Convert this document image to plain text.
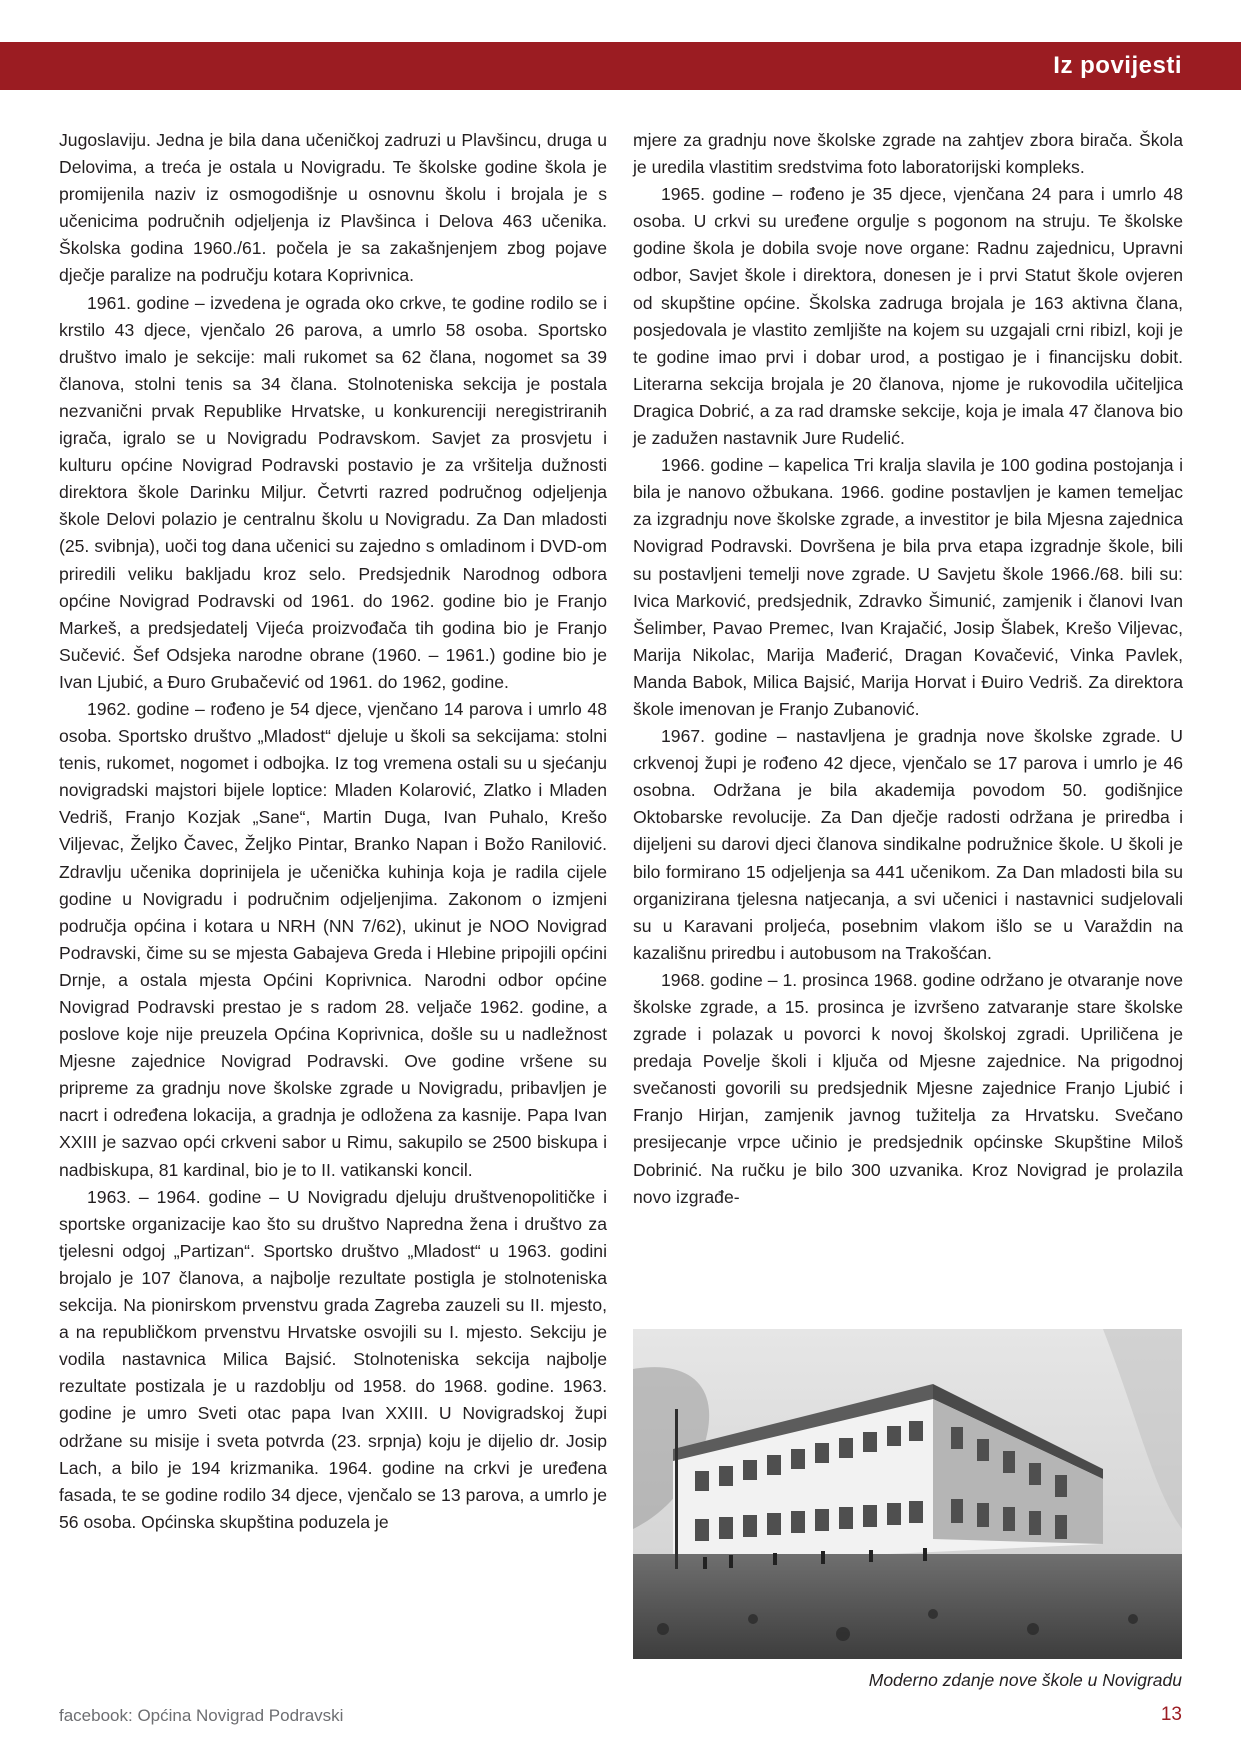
Iz povijesti

Jugoslaviju. Jedna je bila dana učeničkoj zadruzi u Plavšincu, druga u Delovima, a treća je ostala u Novigradu. Te školske godine škola je promijenila naziv iz osmogodišnje u osnovnu školu i brojala je s učenicima područnih odjeljenja iz Plavšinca i Delova 463 učenika. Školska godina 1960./61. počela je sa zakašnjenjem zbog pojave dječje paralize na području kotara Koprivnica.

1961. godine – izvedena je ograda oko crkve, te godine rodilo se i krstilo 43 djece, vjenčalo 26 parova, a umrlo 58 osoba. Sportsko društvo imalo je sekcije: mali rukomet sa 62 člana, nogomet sa 39 članova, stolni tenis sa 34 člana. Stolnoteniska sekcija je postala nezvanični prvak Republike Hrvatske, u konkurenciji neregistriranih igrača, igralo se u Novigradu Podravskom. Savjet za prosvjetu i kulturu općine Novigrad Podravski postavio je za vršitelja dužnosti direktora škole Darinku Miljur. Četvrti razred područnog odjeljenja škole Delovi polazio je centralnu školu u Novigradu. Za Dan mladosti (25. svibnja), uoči tog dana učenici su zajedno s omladinom i DVD-om priredili veliku bakljadu kroz selo. Predsjednik Narodnog odbora općine Novigrad Podravski od 1961. do 1962. godine bio je Franjo Markeš, a predsjedatelj Vijeća proizvođača tih godina bio je Franjo Sučević. Šef Odsjeka narodne obrane (1960. – 1961.) godine bio je Ivan Ljubić, a Đuro Grubačević od 1961. do 1962, godine.

1962. godine – rođeno je 54 djece, vjenčano 14 parova i umrlo 48 osoba. Sportsko društvo „Mladost“ djeluje u školi sa sekcijama: stolni tenis, rukomet, nogomet i odbojka. Iz tog vremena ostali su u sjećanju novigradski majstori bijele loptice: Mladen Kolarović, Zlatko i Mladen Vedriš, Franjo Kozjak „Sane“, Martin Duga, Ivan Puhalo, Krešo Viljevac, Željko Čavec, Željko Pintar, Branko Napan i Božo Ranilović. Zdravlju učenika doprinijela je učenička kuhinja koja je radila cijele godine u Novigradu i područnim odjeljenjima. Zakonom o izmjeni područja općina i kotara u NRH (NN 7/62), ukinut je NOO Novigrad Podravski, čime su se mjesta Gabajeva Greda i Hlebine pripojili općini Drnje, a ostala mjesta Općini Koprivnica. Narodni odbor općine Novigrad Podravski prestao je s radom 28. veljače 1962. godine, a poslove koje nije preuzela Općina Koprivnica, došle su u nadležnost Mjesne zajednice Novigrad Podravski. Ove godine vršene su pripreme za gradnju nove školske zgrade u Novigradu, pribavljen je nacrt i određena lokacija, a gradnja je odložena za kasnije. Papa Ivan XXIII je sazvao opći crkveni sabor u Rimu, sakupilo se 2500 biskupa i nadbiskupa, 81 kardinal, bio je to II. vatikanski koncil.

1963. – 1964. godine – U Novigradu djeluju društvenopolitičke i sportske organizacije kao što su društvo Napredna žena i društvo za tjelesni odgoj „Partizan“. Sportsko društvo „Mladost“ u 1963. godini brojalo je 107 članova, a najbolje rezultate postigla je stolnoteniska sekcija. Na pionirskom prvenstvu grada Zagreba zauzeli su II. mjesto, a na republičkom prvenstvu Hrvatske osvojili su I. mjesto. Sekciju je vodila nastavnica Milica Bajsić. Stolnoteniska sekcija najbolje rezultate postizala je u razdoblju od 1958. do 1968. godine. 1963. godine je umro Sveti otac papa Ivan XXIII. U Novigradskoj župi održane su misije i sveta potvrda (23. srpnja) koju je dijelio dr. Josip Lach, a bilo je 194 krizmanika. 1964. godine na crkvi je uređena fasada, te se godine rodilo 34 djece, vjenčalo se 13 parova, a umrlo je 56 osoba. Općinska skupština poduzela je

mjere za gradnju nove školske zgrade na zahtjev zbora birača. Škola je uredila vlastitim sredstvima foto laboratorijski kompleks.

1965. godine – rođeno je 35 djece, vjenčana 24 para i umrlo 48 osoba. U crkvi su uređene orgulje s pogonom na struju. Te školske godine škola je dobila svoje nove organe: Radnu zajednicu, Upravni odbor, Savjet škole i direktora, donesen je i prvi Statut škole ovjeren od skupštine općine. Školska zadruga brojala je 163 aktivna člana, posjedovala je vlastito zemljište na kojem su uzgajali crni ribizl, koji je te godine imao prvi i dobar urod, a postigao je i financijsku dobit. Literarna sekcija brojala je 20 članova, njome je rukovodila učiteljica Dragica Dobrić, a za rad dramske sekcije, koja je imala 47 članova bio je zadužen nastavnik Jure Rudelić.

1966. godine – kapelica Tri kralja slavila je 100 godina postojanja i bila je nanovo ožbukana. 1966. godine postavljen je kamen temeljac za izgradnju nove školske zgrade, a investitor je bila Mjesna zajednica Novigrad Podravski. Dovršena je bila prva etapa izgradnje škole, bili su postavljeni temelji nove zgrade. U Savjetu škole 1966./68. bili su: Ivica Marković, predsjednik, Zdravko Šimunić, zamjenik i članovi Ivan Šelimber, Pavao Premec, Ivan Krajačić, Josip Šlabek, Krešo Viljevac, Marija Nikolac, Marija Mađerić, Dragan Kovačević, Vinka Pavlek, Manda Babok, Milica Bajsić, Marija Horvat i Đuiro Vedriš. Za direktora škole imenovan je Franjo Zubanović.

1967. godine – nastavljena je gradnja nove školske zgrade. U crkvenoj župi je rođeno 42 djece, vjenčalo se 17 parova i umrlo je 46 osobna. Održana je bila akademija povodom 50. godišnjice Oktobarske revolucije. Za Dan dječje radosti održana je priredba i dijeljeni su darovi djeci članova sindikalne podružnice škole. U školi je bilo formirano 15 odjeljenja sa 441 učenikom. Za Dan mladosti bila su organizirana tjelesna natjecanja, a svi učenici i nastavnici sudjelovali su u Karavani proljeća, posebnim vlakom išlo se u Varaždin na kazališnu priredbu i autobusom na Trakošćan.

1968. godine – 1. prosinca 1968. godine održano je otvaranje nove školske zgrade, a 15. prosinca je izvršeno zatvaranje stare školske zgrade i polazak u povorci k novoj školskoj zgradi. Upriličena je predaja Povelje školi i ključa od Mjesne zajednice. Na prigodnoj svečanosti govorili su predsjednik Mjesne zajednice Franjo Ljubić i Franjo Hirjan, zamjenik javnog tužitelja za Hrvatsku. Svečano presijecanje vrpce učinio je predsjednik općinske Skupštine Miloš Dobrinić. Na ručku je bilo 300 uzvanika. Kroz Novigrad je prolazila novo izgrađe-

Moderno zdanje nove škole u Novigradu
facebook: Općina Novigrad Podravski	13
